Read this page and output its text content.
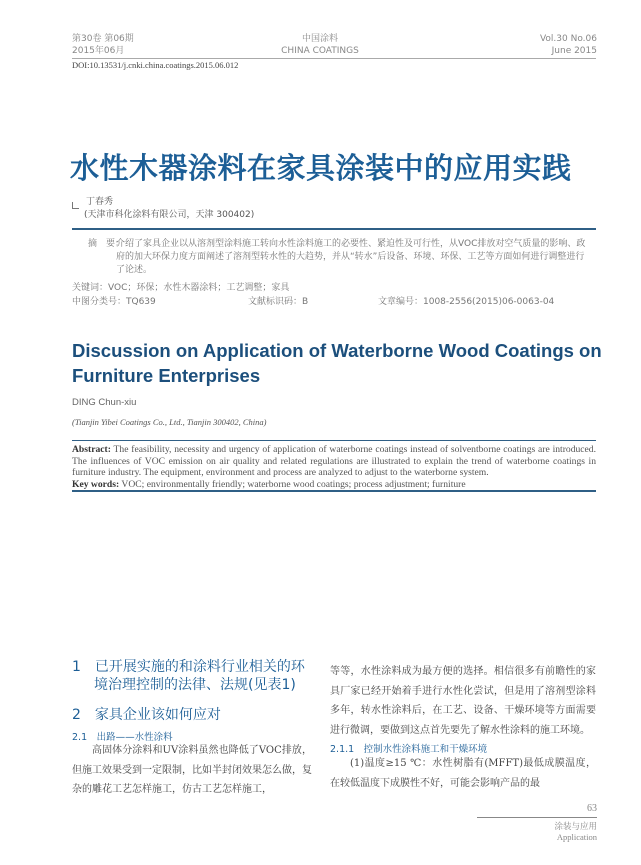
第30卷 第06期
2015年06月
中国涂料
CHINA COATINGS
Vol.30 No.06
June 2015
DOI:10.13531/j.cnki.china.coatings.2015.06.012
水性木器涂料在家具涂装中的应用实践
丁春秀
(天津市科化涂料有限公司，天津 300402)
摘　要：
介绍了家具企业以从溶剂型涂料施工转向水性涂料施工的必要性、紧迫性及可行性，从VOC排放对空气质量的影响、政府的加大环保力度方面阐述了溶剂型转水性的大趋势，并从“转水”后设备、环境、环保、工艺等方面如何进行调整进行了论述。
关键词：VOC；环保；水性木器涂料；工艺调整；家具
中图分类号：TQ639	文献标识码：B	文章编号：1008-2556(2015)06-0063-04
Discussion on Application of Waterborne Wood Coatings on Furniture Enterprises
DING Chun-xiu
(Tianjin Yibei Coatings Co., Ltd., Tianjin 300402, China)
Abstract: The feasibility, necessity and urgency of application of waterborne coatings instead of solventborne coatings are introduced. The influences of VOC emission on air quality and related regulations are illustrated to explain the trend of waterborne coatings in furniture industry. The equipment, environment and process are analyzed to adjust to the waterborne system.
Key words: VOC; environmentally friendly; waterborne wood coatings; process adjustment; furniture
1　已开展实施的和涂料行业相关的环境治理控制的法律、法规(见表1)
2　家具企业该如何应对
2.1　出路——水性涂料
高固体分涂料和UV涂料虽然也降低了VOC排放，但施工效果受到一定限制，比如半封闭效果怎么做，复杂的雕花工艺怎样施工，仿古工艺怎样施工，
等等，水性涂料成为最方便的选择。相信很多有前瞻性的家具厂家已经开始着手进行水性化尝试，但是用了溶剂型涂料多年，转水性涂料后，在工艺、设备、干燥环境等方面需要进行微调，要做到这点首先要先了解水性涂料的施工环境。
2.1.1　控制水性涂料施工和干燥环境
(1)温度≥15 ℃：水性树脂有(MFFT)最低成膜温度，在较低温度下成膜性不好，可能会影响产品的最
63
涂装与应用
Application
